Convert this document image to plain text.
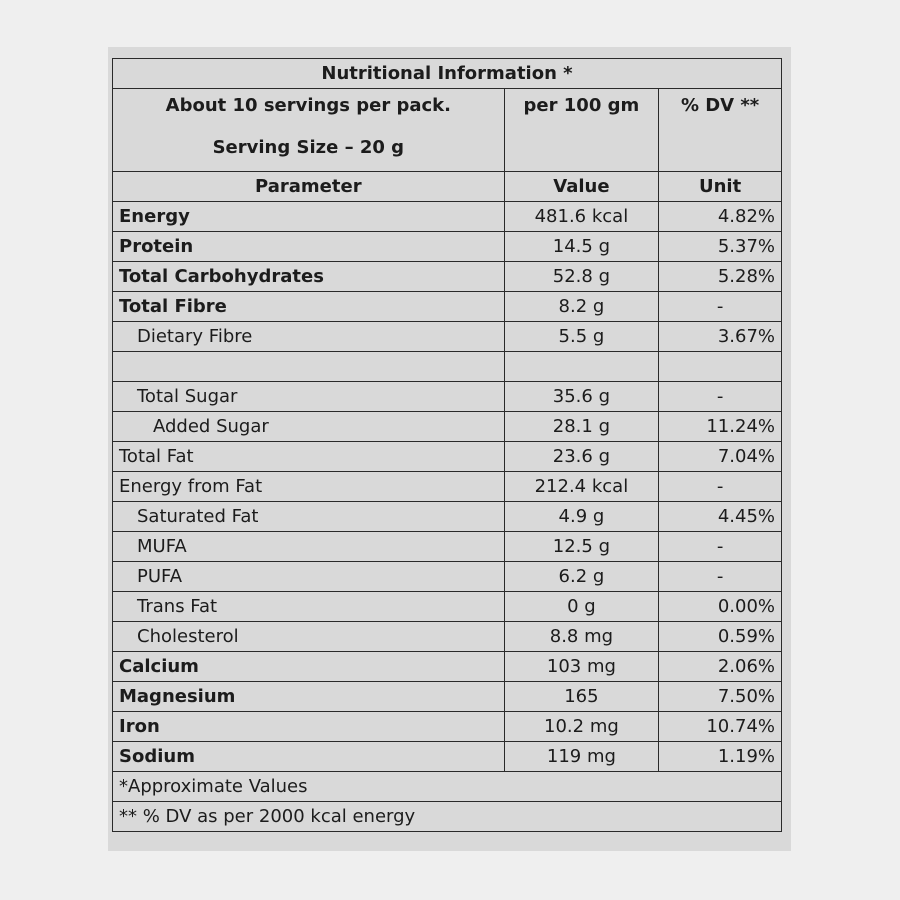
Nutritional Information *		
About 10 servings per pack.
Serving Size – 20 g	per 100 gm	% DV **
Parameter	Value	Unit
Energy	481.6 kcal	4.82%
Protein	14.5 g	5.37%
Total Carbohydrates	52.8 g	5.28%
Total Fibre	8.2 g	-
Dietary Fibre	5.5 g	3.67%

Total Sugar	35.6 g	-
Added Sugar	28.1 g	11.24%
Total Fat	23.6 g	7.04%
Energy from Fat	212.4 kcal	-
Saturated Fat	4.9 g	4.45%
MUFA	12.5 g	-
PUFA	6.2 g	-
Trans Fat	0 g	0.00%
Cholesterol	8.8 mg	0.59%
Calcium	103 mg	2.06%
Magnesium	165	7.50%
Iron	10.2 mg	10.74%
Sodium	119 mg	1.19%
*Approximate Values		
** % DV as per 2000 kcal energy		
